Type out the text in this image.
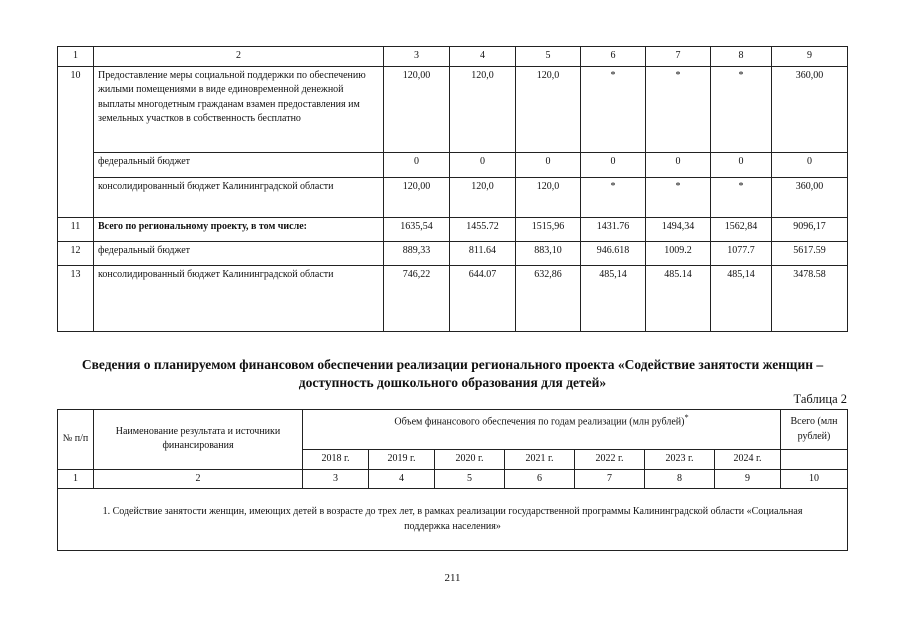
1	2	3	4	5	6	7	8	9
10	Предоставление меры социальной поддержки по обеспечению жилыми помещениями в виде единовременной денежной выплаты многодетным гражданам взамен предоставления им земельных участков в собственность бесплатно	120,00	120,0	120,0	*	*	*	360,00
	федеральный бюджет	0	0	0	0	0	0	0
	консолидированный бюджет Калининградской области	120,00	120,0	120,0	*	*	*	360,00
11	Всего по региональному проекту, в том числе:	1635,54	1455.72	1515,96	1431.76	1494,34	1562,84	9096,17
12	федеральный бюджет	889,33	811.64	883,10	946.618	1009.2	1077.7	5617.59
13	консолидированный бюджет Калининградской области	746,22	644.07	632,86	485,14	485.14	485,14	3478.58
Сведения о планируемом финансовом обеспечении реализации регионального проекта «Содействие занятости женщин – доступность дошкольного образования для детей»
Таблица 2
№ п/п	Наименование результата и источники финансирования	Объем финансового обеспечения по годам реализации (млн рублей)*							Всего (млн рублей)
		2018 г.	2019 г.	2020 г.	2021 г.	2022 г.	2023 г.	2024 г.	
1	2	3	4	5	6	7	8	9	10
1. Содействие занятости женщин, имеющих детей в возрасте до трех лет, в рамках реализации государственной программы Калининградской области «Социальная поддержка населения»									
211
